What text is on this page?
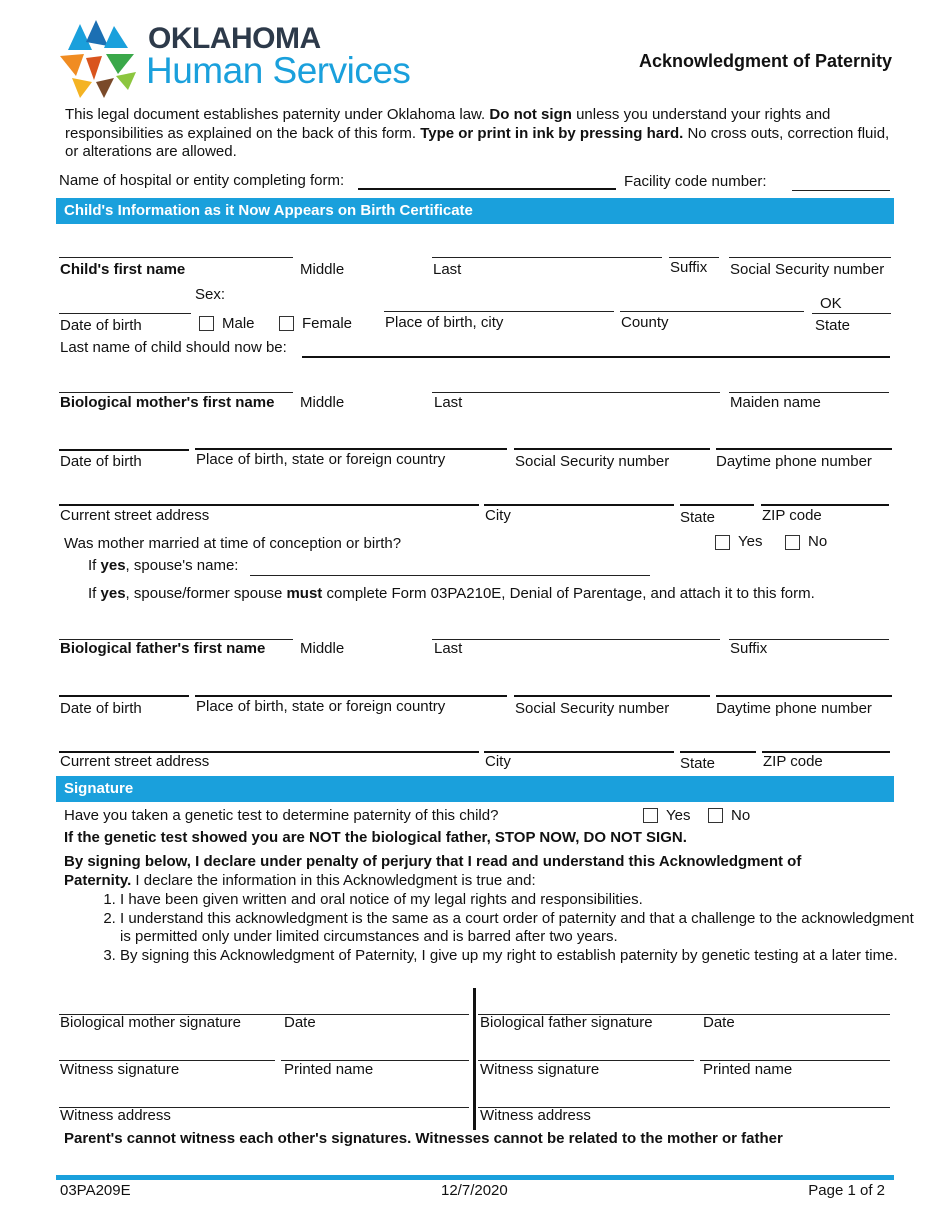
OKLAHOMA
Human Services	Acknowledgment of Paternity
This legal document establishes paternity under Oklahoma law. Do not sign unless you understand your rights and responsibilities as explained on the back of this form. Type or print in ink by pressing hard. No cross outs, correction fluid, or alterations are allowed.
Name of hospital or entity completing form:	Facility code number:
Child's Information as it Now Appears on Birth Certificate
Child's first name	Middle	Last	Suffix Social Security number
Sex:
OK
Date of birth	Male	Female Place of birth, city	County	State
Last name of child should now be:
Biological mother's first name Middle	Last	Maiden name
Date of birth	Place of birth, state or foreign country	Social Security number	Daytime phone number
Current street address	City	State	ZIP code
Was mother married at time of conception or birth?	Yes	No
If yes, spouse's name:
If yes, spouse/former spouse must complete Form 03PA210E, Denial of Parentage, and attach it to this form.
Biological father's first name Middle	Last	Suffix
Date of birth	Place of birth, state or foreign country	Social Security number	Daytime phone number
Current street address	City	State	ZIP code
Signature
Have you taken a genetic test to determine paternity of this child?	Yes	No
If the genetic test showed you are NOT the biological father, STOP NOW, DO NOT SIGN.
By signing below, I declare under penalty of perjury that I read and understand this Acknowledgment of Paternity. I declare the information in this Acknowledgment is true and:
1. I have been given written and oral notice of my legal rights and responsibilities.
2. I understand this acknowledgment is the same as a court order of paternity and that a challenge to the acknowledgment is permitted only under limited circumstances and is barred after two years.
3. By signing this Acknowledgment of Paternity, I give up my right to establish paternity by genetic testing at a later time.
Biological mother signature	Date	Biological father signature	Date
Witness signature	Printed name	Witness signature	Printed name
Witness address	Witness address
Parent's cannot witness each other's signatures. Witnesses cannot be related to the mother or father
03PA209E	12/7/2020	Page 1 of 2
